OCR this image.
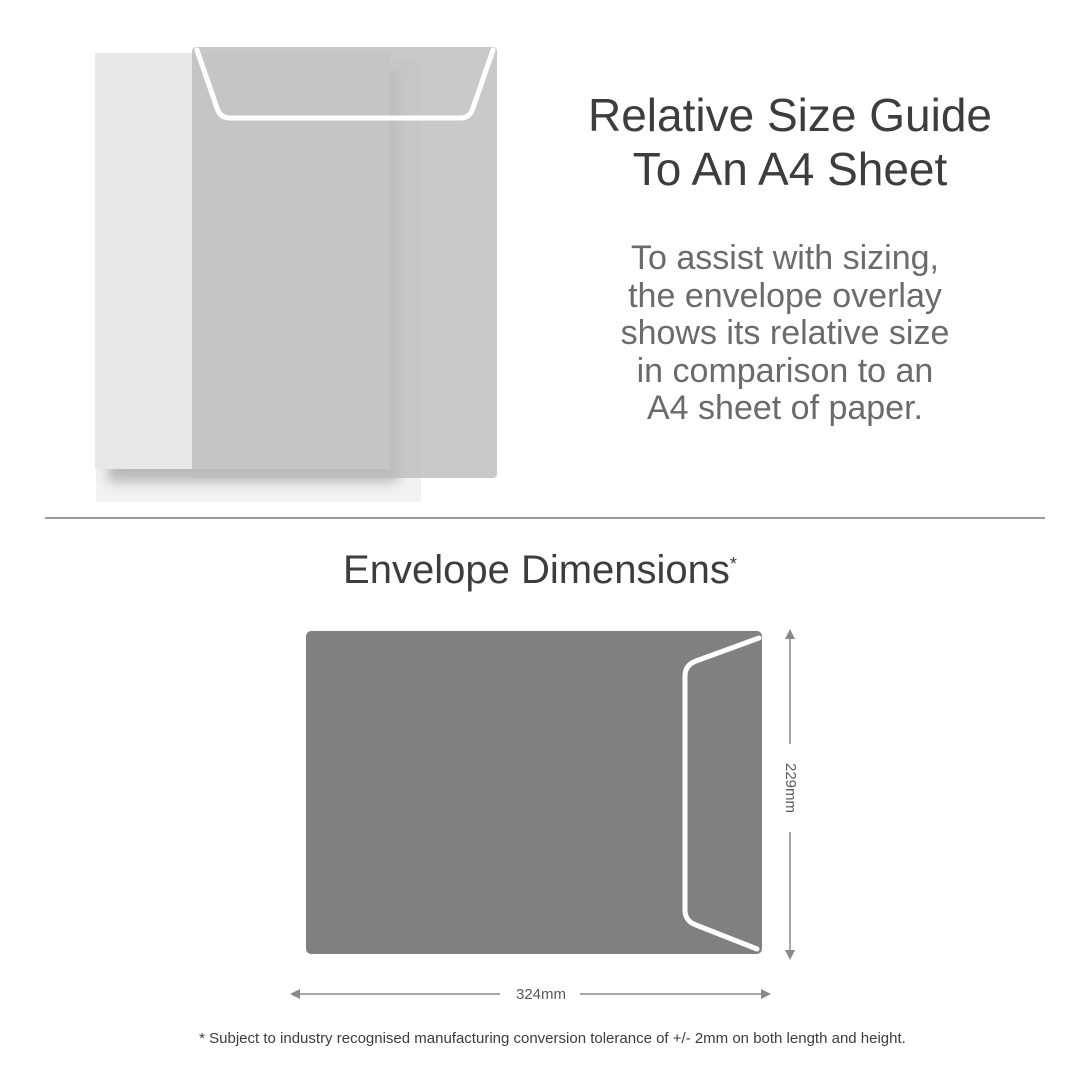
Relative Size Guide
To An A4 Sheet
To assist with sizing,
the envelope overlay
shows its relative size
in comparison to an
A4 sheet of paper.
Envelope Dimensions*
229mm
324mm
* Subject to industry recognised manufacturing conversion tolerance of +/- 2mm on both length and height.
